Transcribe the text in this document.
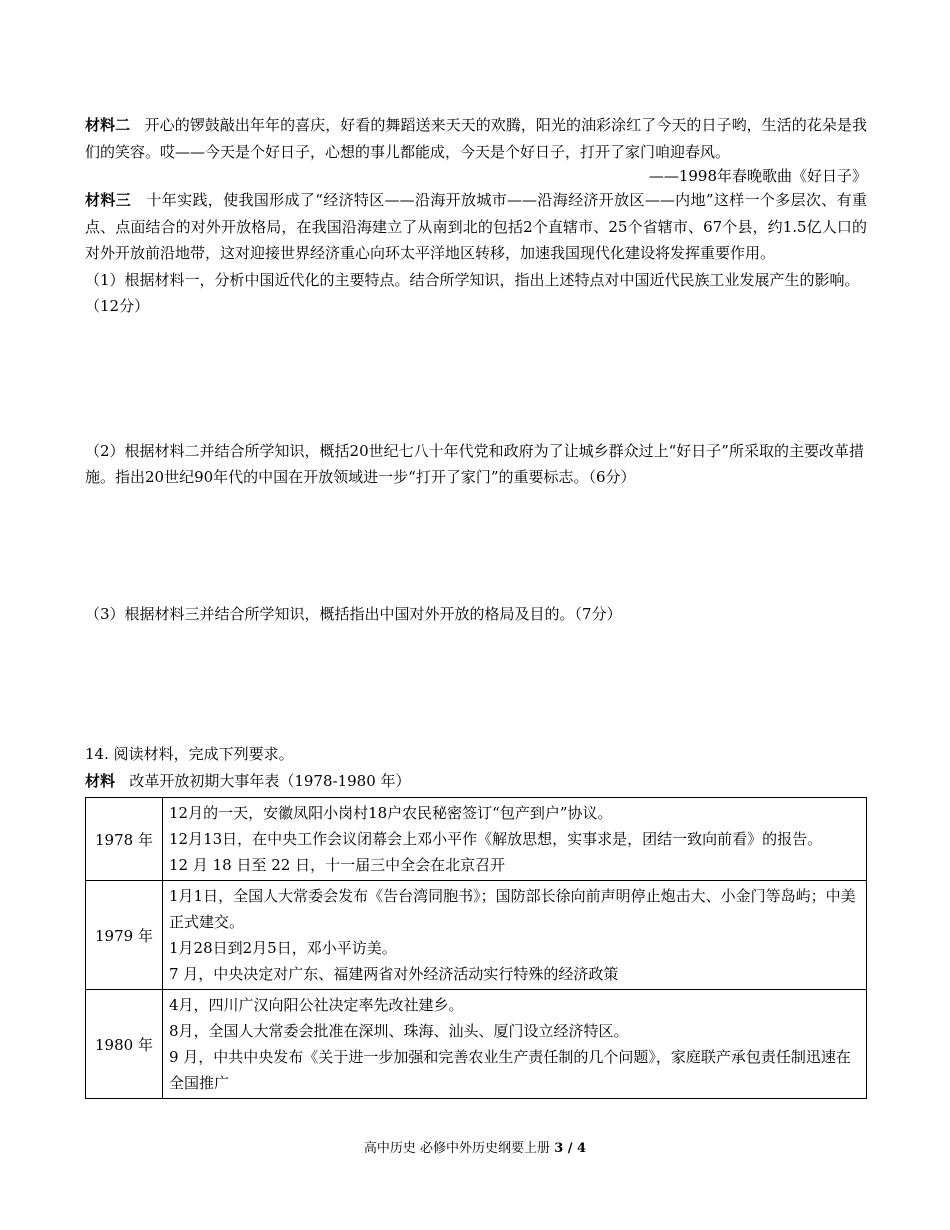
材料二 开心的锣鼓敲出年年的喜庆，好看的舞蹈送来天天的欢腾，阳光的油彩涂红了今天的日子哟，生活的花朵是我们的笑容。哎——今天是个好日子，心想的事儿都能成，今天是个好日子，打开了家门咱迎春风。

——1998年春晚歌曲《好日子》

材料三 十年实践，使我国形成了“经济特区——沿海开放城市——沿海经济开放区——内地”这样一个多层次、有重点、点面结合的对外开放格局，在我国沿海建立了从南到北的包括2个直辖市、25个省辖市、67个县，约1.5亿人口的对外开放前沿地带，这对迎接世界经济重心向环太平洋地区转移，加速我国现代化建设将发挥重要作用。

（1）根据材料一，分析中国近代化的主要特点。结合所学知识，指出上述特点对中国近代民族工业发展产生的影响。（12分）

（2）根据材料二并结合所学知识，概括20世纪七八十年代党和政府为了让城乡群众过上“好日子”所采取的主要改革措施。指出20世纪90年代的中国在开放领域进一步“打开了家门”的重要标志。（6分）

（3）根据材料三并结合所学知识，概括指出中国对外开放的格局及目的。（7分）

14. 阅读材料，完成下列要求。

材料 改革开放初期大事年表（1978-1980 年）

1978 年	12月的一天，安徽凤阳小岗村18户农民秘密签订“包产到户”协议。
12月13日，在中央工作会议闭幕会上邓小平作《解放思想，实事求是，团结一致向前看》的报告。
12 月 18 日至 22 日，十一届三中全会在北京召开

1979 年	1月1日，全国人大常委会发布《告台湾同胞书》；国防部长徐向前声明停止炮击大、小金门等岛屿；中美正式建交。
1月28日到2月5日，邓小平访美。
7 月，中央决定对广东、福建两省对外经济活动实行特殊的经济政策

1980 年	4月，四川广汉向阳公社决定率先改社建乡。
8月，全国人大常委会批准在深圳、珠海、汕头、厦门设立经济特区。
9 月，中共中央发布《关于进一步加强和完善农业生产责任制的几个问题》，家庭联产承包责任制迅速在全国推广
高中历史 必修中外历史纲要上册 3 / 4
